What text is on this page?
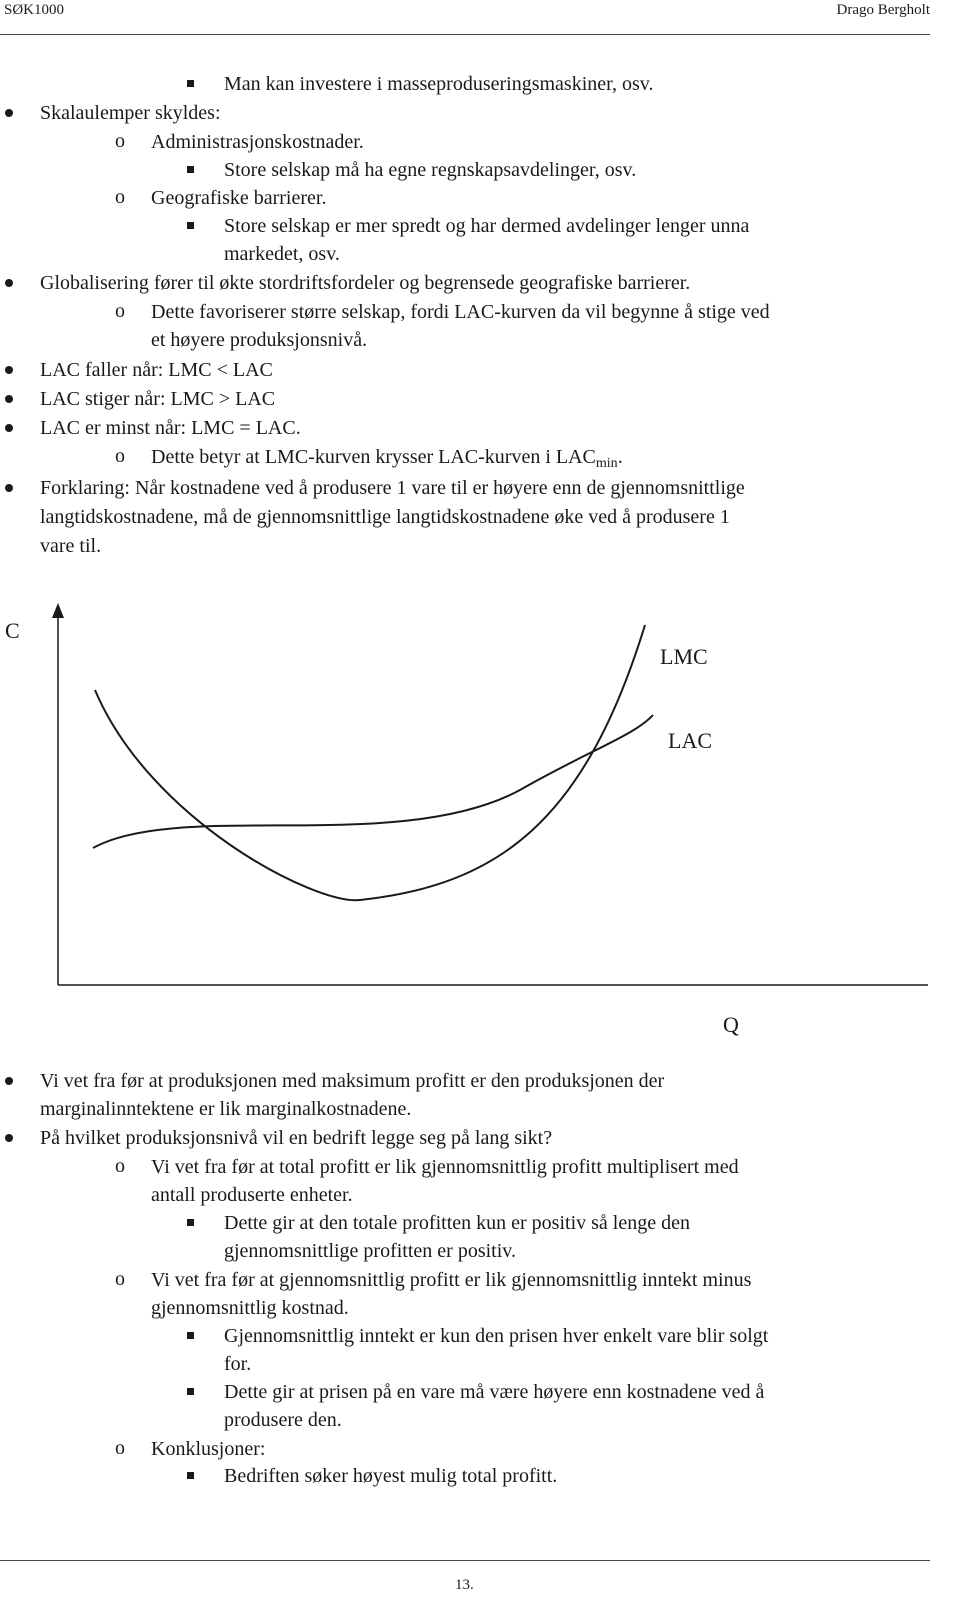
SØK1000	Drago Bergholt
Man kan investere i masseproduseringsmaskiner, osv.
Skalaulemper skyldes:
o Administrasjonskostnader.
Store selskap må ha egne regnskapsavdelinger, osv.
o Geografiske barrierer.
Store selskap er mer spredt og har dermed avdelinger lenger unna
markedet, osv.
Globalisering fører til økte stordriftsfordeler og begrensede geografiske barrierer.
o Dette favoriserer større selskap, fordi LAC-kurven da vil begynne å stige ved
et høyere produksjonsnivå.
LAC faller når: LMC < LAC
LAC stiger når: LMC > LAC
LAC er minst når: LMC = LAC.
o Dette betyr at LMC-kurven krysser LAC-kurven i $LAC_{min}$.
Forklaring: Når kostnadene ved å produsere 1 vare til er høyere enn de gjennomsnittlige
langtidskostnadene, må de gjennomsnittlige langtidskostnadene øke ved å produsere 1
vare til.
C
LMC
LAC
Q
Vi vet fra før at produksjonen med maksimum profitt er den produksjonen der
marginalinntektene er lik marginalkostnadene.
På hvilket produksjonsnivå vil en bedrift legge seg på lang sikt?
o Vi vet fra før at total profitt er lik gjennomsnittlig profitt multiplisert med
antall produserte enheter.
Dette gir at den totale profitten kun er positiv så lenge den
gjennomsnittlige profitten er positiv.
o Vi vet fra før at gjennomsnittlig profitt er lik gjennomsnittlig inntekt minus
gjennomsnittlig kostnad.
Gjennomsnittlig inntekt er kun den prisen hver enkelt vare blir solgt
for.
Dette gir at prisen på en vare må være høyere enn kostnadene ved å
produsere den.
o Konklusjoner:
Bedriften søker høyest mulig total profitt.
13.
